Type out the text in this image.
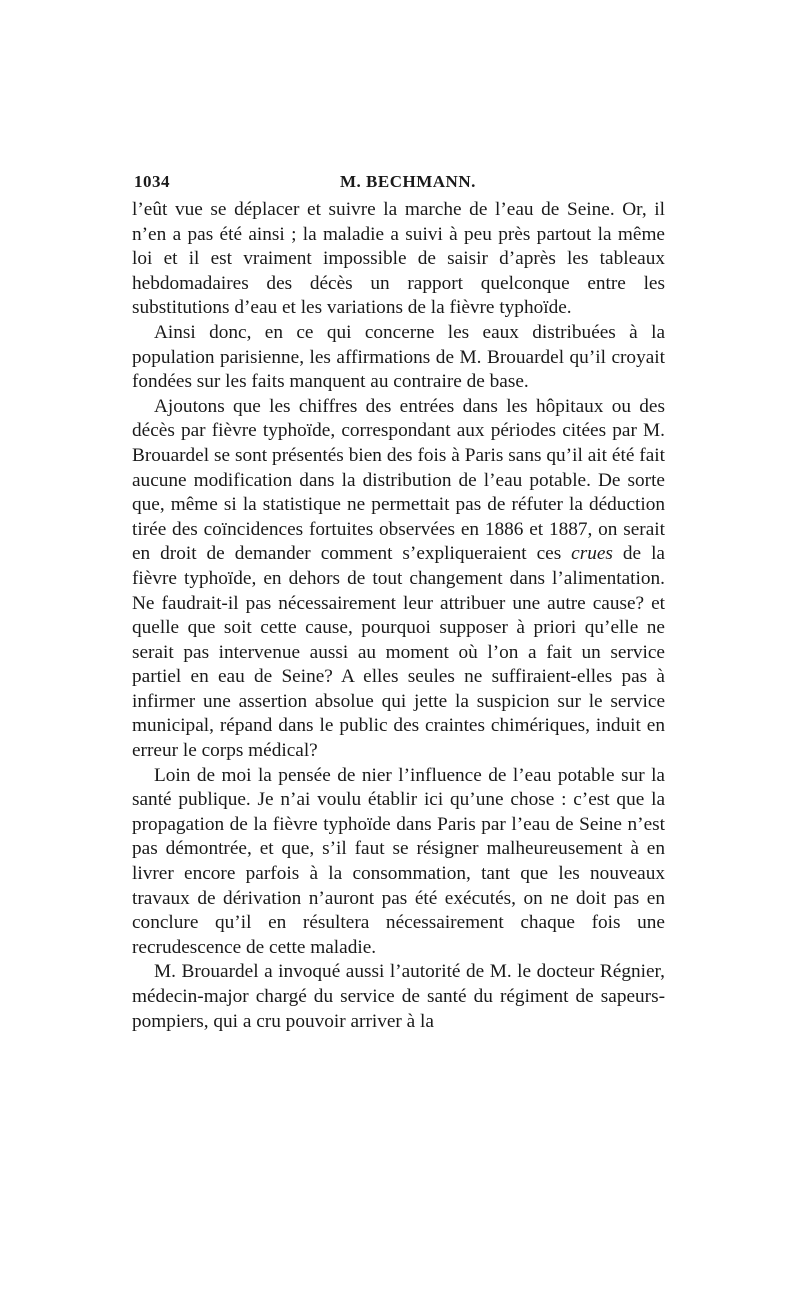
1034	M. BECHMANN.

l’eût vue se déplacer et suivre la marche de l’eau de Seine. Or, il n’en a pas été ainsi ; la maladie a suivi à peu près partout la même loi et il est vraiment impossible de saisir d’après les tableaux hebdomadaires des décès un rapport quelconque entre les substitutions d’eau et les variations de la fièvre typhoïde.

Ainsi donc, en ce qui concerne les eaux distribuées à la population parisienne, les affirmations de M. Brouardel qu’il croyait fondées sur les faits manquent au contraire de base.

Ajoutons que les chiffres des entrées dans les hôpitaux ou des décès par fièvre typhoïde, correspondant aux périodes citées par M. Brouardel se sont présentés bien des fois à Paris sans qu’il ait été fait aucune modification dans la distribution de l’eau potable. De sorte que, même si la statistique ne permettait pas de réfuter la déduction tirée des coïncidences fortuites observées en 1886 et 1887, on serait en droit de demander comment s’expliqueraient ces crues de la fièvre typhoïde, en dehors de tout changement dans l’alimentation. Ne faudrait-il pas nécessairement leur attribuer une autre cause? et quelle que soit cette cause, pourquoi supposer à priori qu’elle ne serait pas intervenue aussi au moment où l’on a fait un service partiel en eau de Seine? A elles seules ne suffiraient-elles pas à infirmer une assertion absolue qui jette la suspicion sur le service municipal, répand dans le public des craintes chimériques, induit en erreur le corps médical?

Loin de moi la pensée de nier l’influence de l’eau potable sur la santé publique. Je n’ai voulu établir ici qu’une chose : c’est que la propagation de la fièvre typhoïde dans Paris par l’eau de Seine n’est pas démontrée, et que, s’il faut se résigner malheureusement à en livrer encore parfois à la consommation, tant que les nouveaux travaux de dérivation n’auront pas été exécutés, on ne doit pas en conclure qu’il en résultera nécessairement chaque fois une recrudescence de cette maladie.

M. Brouardel a invoqué aussi l’autorité de M. le docteur Régnier, médecin-major chargé du service de santé du régiment de sapeurs-pompiers, qui a cru pouvoir arriver à la
